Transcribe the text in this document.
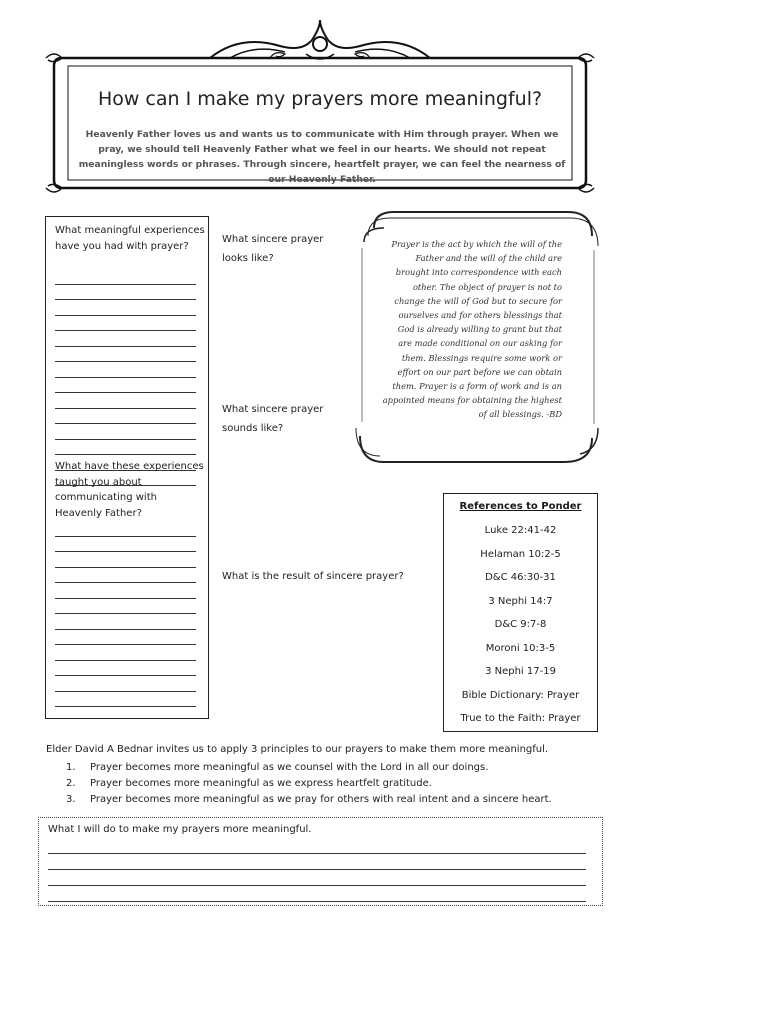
How can I make my prayers more meaningful?
Heavenly Father loves us and wants us to communicate with Him through prayer. When we pray, we should tell Heavenly Father what we feel in our hearts. We should not repeat meaningless words or phrases. Through sincere, heartfelt prayer, we can feel the nearness of our Heavenly Father.
What meaningful experiences have you had with prayer?
What have these experiences taught you about communicating with Heavenly Father?
What sincere prayer looks like?
What sincere prayer sounds like?
What is the result of sincere prayer?
Prayer is the act by which the will of the Father and the will of the child are brought into correspondence with each other. The object of prayer is not to change the will of God but to secure for ourselves and for others blessings that God is already willing to grant but that are made conditional on our asking for them. Blessings require some work or effort on our part before we can obtain them. Prayer is a form of work and is an appointed means for obtaining the highest of all blessings. -BD
References to Ponder
Luke 22:41-42
Helaman 10:2-5
D&C 46:30-31
3 Nephi 14:7
D&C 9:7-8
Moroni 10:3-5
3 Nephi 17-19
Bible Dictionary: Prayer
True to the Faith: Prayer
Elder David A Bednar invites us to apply 3 principles to our prayers to make them more meaningful.
1. Prayer becomes more meaningful as we counsel with the Lord in all our doings.
2. Prayer becomes more meaningful as we express heartfelt gratitude.
3. Prayer becomes more meaningful as we pray for others with real intent and a sincere heart.
What I will do to make my prayers more meaningful.
